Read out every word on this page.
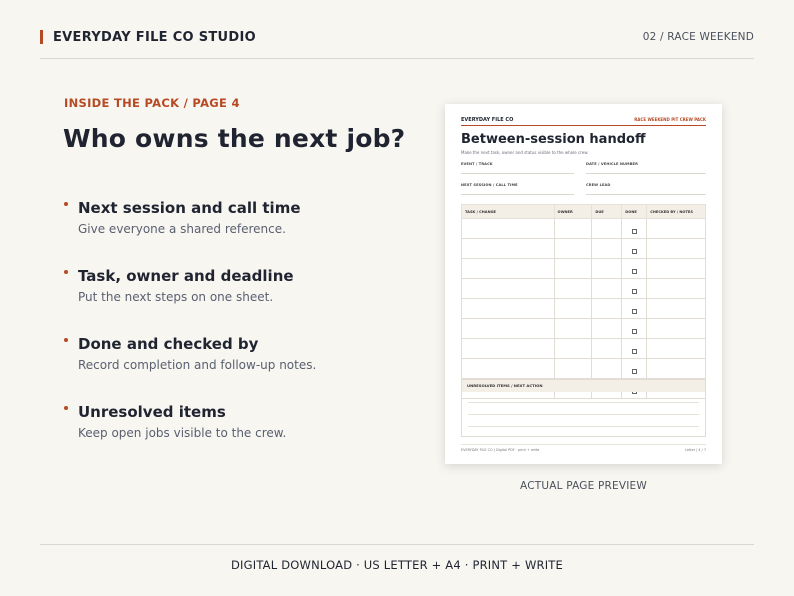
EVERYDAY FILE CO STUDIO	02 / RACE WEEKEND
INSIDE THE PACK / PAGE 4
Who owns the next job?
Next session and call time
Give everyone a shared reference.
Task, owner and deadline
Put the next steps on one sheet.
Done and checked by
Record completion and follow-up notes.
Unresolved items
Keep open jobs visible to the crew.
EVERYDAY FILE CO	RACE WEEKEND PIT CREW PACK
Between-session handoff
Make the next task, owner and status visible to the whole crew.
EVENT / TRACK	DATE / VEHICLE NUMBER
NEXT SESSION / CALL TIME	CREW LEAD
TASK / CHANGE	OWNER	DUE	DONE	CHECKED BY / NOTES

UNRESOLVED ITEMS / NEXT ACTION
EVERYDAY FILE CO | Digital PDF · print + write	Letter | 4 / 7
ACTUAL PAGE PREVIEW
DIGITAL DOWNLOAD · US LETTER + A4 · PRINT + WRITE
